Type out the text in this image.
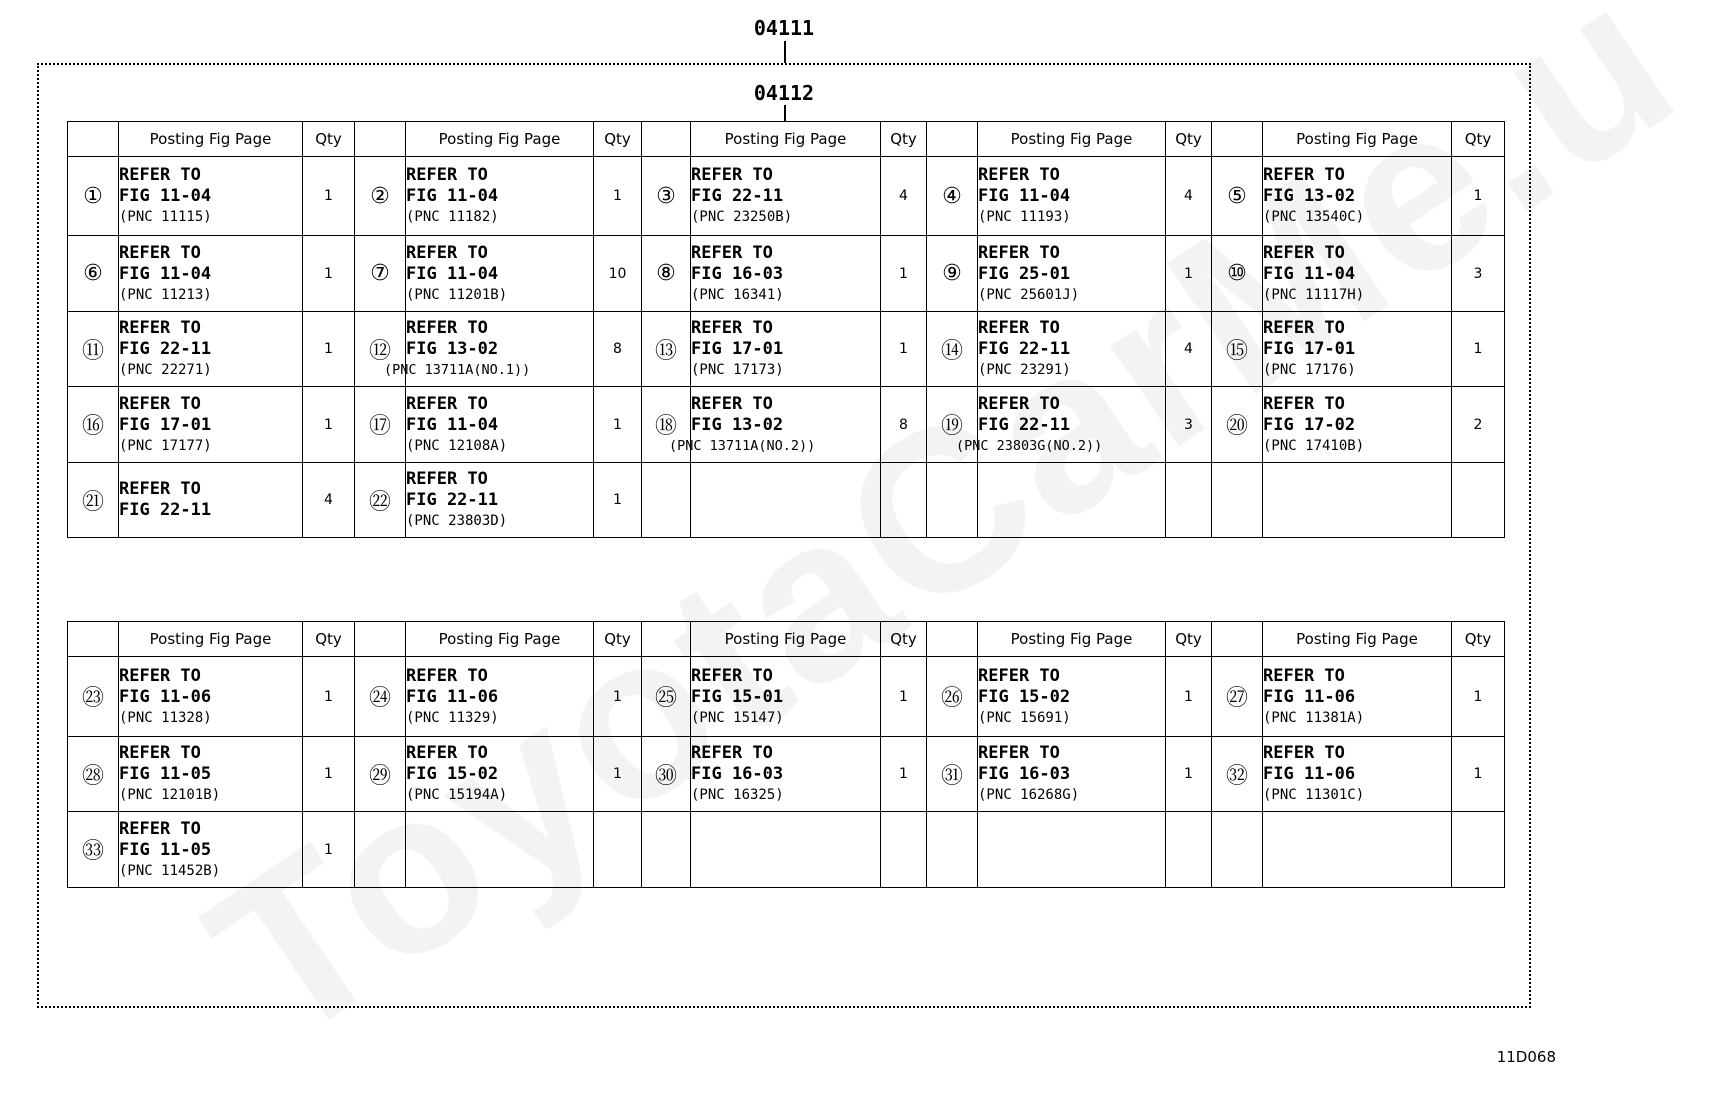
04111
04112
	Posting Fig Page	Qty		Posting Fig Page	Qty		Posting Fig Page	Qty		Posting Fig Page	Qty		Posting Fig Page	Qty
①	REFER TO
FIG 11-04
(PNC 11115)	1	②	REFER TO
FIG 11-04
(PNC 11182)	1	③	REFER TO
FIG 22-11
(PNC 23250B)	4	④	REFER TO
FIG 11-04
(PNC 11193)	4	⑤	REFER TO
FIG 13-02
(PNC 13540C)	1
⑥	REFER TO
FIG 11-04
(PNC 11213)	1	⑦	REFER TO
FIG 11-04
(PNC 11201B)	10	⑧	REFER TO
FIG 16-03
(PNC 16341)	1	⑨	REFER TO
FIG 25-01
(PNC 25601J)	1	⑩	REFER TO
FIG 11-04
(PNC 11117H)	3
⑪	REFER TO
FIG 22-11
(PNC 22271)	1	⑫	REFER TO
FIG 13-02
(PNC 13711A(NO.1))	8	⑬	REFER TO
FIG 17-01
(PNC 17173)	1	⑭	REFER TO
FIG 22-11
(PNC 23291)	4	⑮	REFER TO
FIG 17-01
(PNC 17176)	1
⑯	REFER TO
FIG 17-01
(PNC 17177)	1	⑰	REFER TO
FIG 11-04
(PNC 12108A)	1	⑱	REFER TO
FIG 13-02
(PNC 13711A(NO.2))	8	⑲	REFER TO
FIG 22-11
(PNC 23803G(NO.2))	3	⑳	REFER TO
FIG 17-02
(PNC 17410B)	2
㉑	REFER TO
FIG 22-11	4	㉒	REFER TO
FIG 22-11
(PNC 23803D)	1		

	Posting Fig Page	Qty		Posting Fig Page	Qty		Posting Fig Page	Qty		Posting Fig Page	Qty		Posting Fig Page	Qty
㉓	REFER TO
FIG 11-06
(PNC 11328)	1	㉔	REFER TO
FIG 11-06
(PNC 11329)	1	㉕	REFER TO
FIG 15-01
(PNC 15147)	1	㉖	REFER TO
FIG 15-02
(PNC 15691)	1	㉗	REFER TO
FIG 11-06
(PNC 11381A)	1
㉘	REFER TO
FIG 11-05
(PNC 12101B)	1	㉙	REFER TO
FIG 15-02
(PNC 15194A)	1	㉚	REFER TO
FIG 16-03
(PNC 16325)	1	㉛	REFER TO
FIG 16-03
(PNC 16268G)	1	㉜	REFER TO
FIG 11-06
(PNC 11301C)	1
㉝	REFER TO
FIG 11-05
(PNC 11452B)	1		

11D068
